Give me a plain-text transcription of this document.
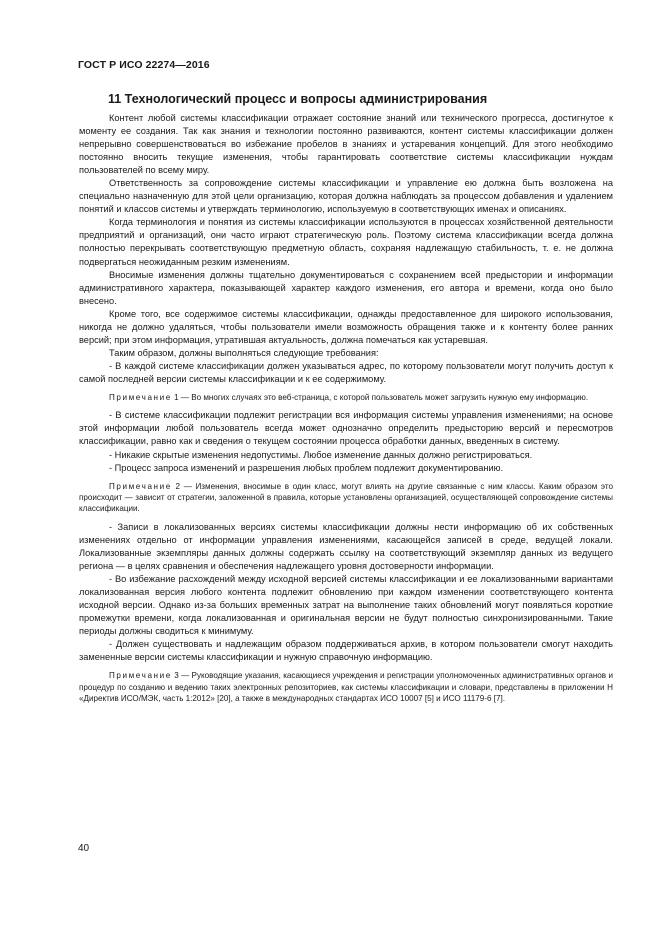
ГОСТ Р ИСО 22274—2016
11 Технологический процесс и вопросы администрирования

Контент любой системы классификации отражает состояние знаний или технического прогресса, достигнутое к моменту ее создания. Так как знания и технологии постоянно развиваются, контент системы классификации должен непрерывно совершенствоваться во избежание пробелов в знаниях и устаревания концепций. Для этого необходимо постоянно вносить текущие изменения, чтобы гарантировать соответствие системы классификации нуждам пользователей по всему миру.

Ответственность за сопровождение системы классификации и управление ею должна быть возложена на специально назначенную для этой цели организацию, которая должна наблюдать за процессом добавления и удалением понятий и классов системы и утверждать терминологию, используемую в соответствующих именах и описаниях.

Когда терминология и понятия из системы классификации используются в процессах хозяйственной деятельности предприятий и организаций, они часто играют стратегическую роль. Поэтому система классификации всегда должна полностью перекрывать соответствующую предметную область, сохраняя надлежащую стабильность, т. е. не должна подвергаться неожиданным резким изменениям.

Вносимые изменения должны тщательно документироваться с сохранением всей предыстории и информации административного характера, показывающей характер каждого изменения, его автора и времени, когда оно было внесено.

Кроме того, все содержимое системы классификации, однажды предоставленное для широкого использования, никогда не должно удаляться, чтобы пользователи имели возможность обращения также и к контенту более ранних версий; при этом информация, утратившая актуальность, должна помечаться как устаревшая.

Таким образом, должны выполняться следующие требования:

- В каждой системе классификации должен указываться адрес, по которому пользователи могут получить доступ к самой последней версии системы классификации и к ее содержимому.

Примечание 1 — Во многих случаях это веб-страница, с которой пользователь может загрузить нужную ему информацию.

- В системе классификации подлежит регистрации вся информация системы управления изменениями; на основе этой информации любой пользователь всегда может однозначно определить предысторию версий и пересмотров классификации, равно как и сведения о текущем состоянии процесса обработки данных, введенных в систему.

- Никакие скрытые изменения недопустимы. Любое изменение данных должно регистрироваться.

- Процесс запроса изменений и разрешения любых проблем подлежит документированию.

Примечание 2 — Изменения, вносимые в один класс, могут влиять на другие связанные с ним классы. Каким образом это происходит — зависит от стратегии, заложенной в правила, которые установлены организацией, осуществляющей сопровождение системы классификации.

- Записи в локализованных версиях системы классификации должны нести информацию об их собственных изменениях отдельно от информации управления изменениями, касающейся записей в среде, ведущей локали. Локализованные экземпляры данных должны содержать ссылку на соответствующий экземпляр данных из ведущего региона — в целях сравнения и обеспечения надлежащего уровня достоверности информации.

- Во избежание расхождений между исходной версией системы классификации и ее локализованными вариантами локализованная версия любого контента подлежит обновлению при каждом изменении соответствующего контента исходной версии. Однако из-за больших временных затрат на выполнение таких обновлений могут появляться короткие промежутки времени, когда локализованная и оригинальная версии не будут полностью синхронизированными. Такие периоды должны сводиться к минимуму.

- Должен существовать и надлежащим образом поддерживаться архив, в котором пользователи смогут находить замененные версии системы классификации и нужную справочную информацию.

Примечание 3 — Руководящие указания, касающиеся учреждения и регистрации уполномоченных административных органов и процедур по созданию и ведению таких электронных репозиториев, как системы классификации и словари, представлены в приложении Н «Директив ИСО/МЭК, часть 1:2012» [20], а также в международных стандартах ИСО 10007 [5] и ИСО 11179-6 [7].

40
